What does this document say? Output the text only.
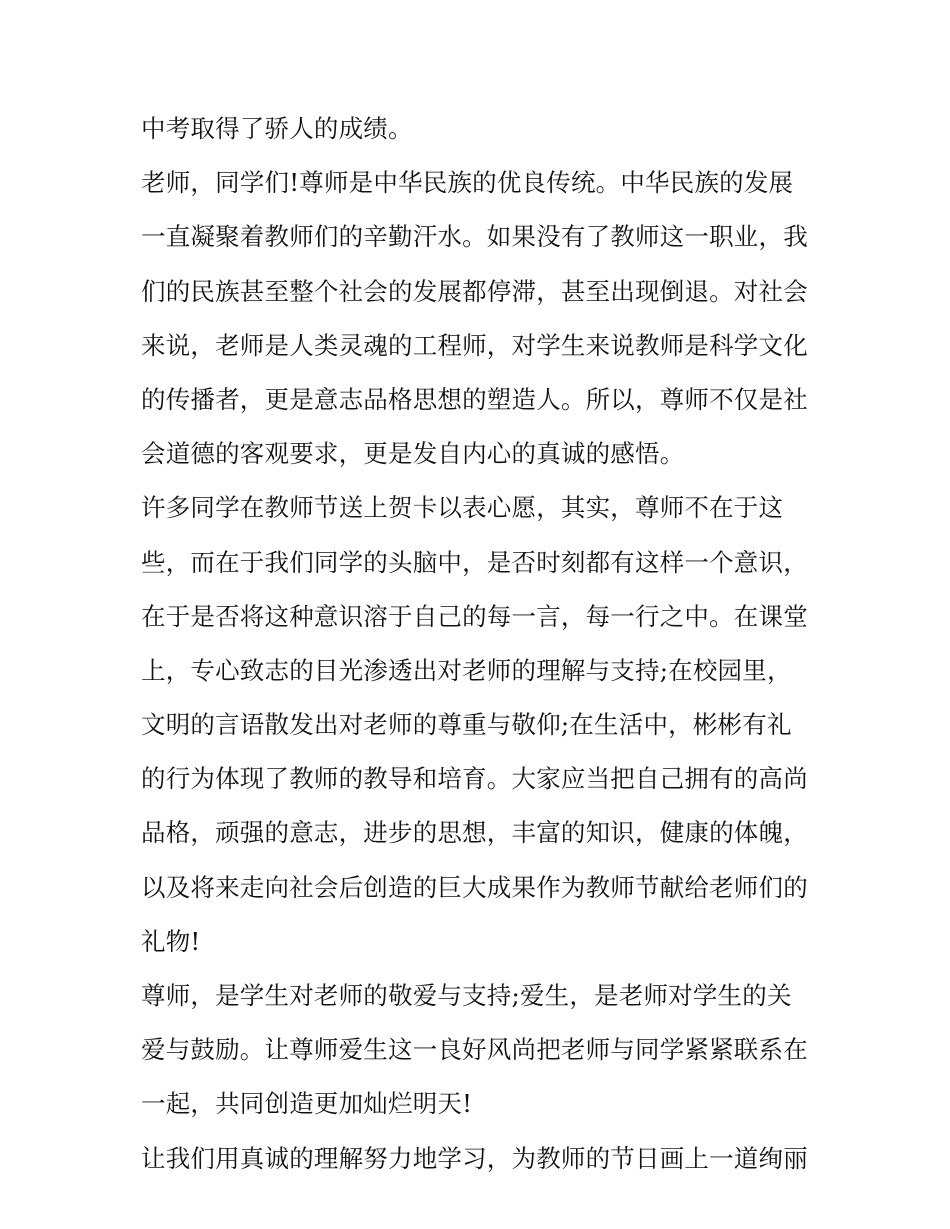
中考取得了骄人的成绩。
老师，同学们!尊师是中华民族的优良传统。中华民族的发展
一直凝聚着教师们的辛勤汗水。如果没有了教师这一职业，我
们的民族甚至整个社会的发展都停滞，甚至出现倒退。对社会
来说，老师是人类灵魂的工程师，对学生来说教师是科学文化
的传播者，更是意志品格思想的塑造人。所以，尊师不仅是社
会道德的客观要求，更是发自内心的真诚的感悟。
许多同学在教师节送上贺卡以表心愿，其实，尊师不在于这
些，而在于我们同学的头脑中，是否时刻都有这样一个意识，
在于是否将这种意识溶于自己的每一言，每一行之中。在课堂
上，专心致志的目光渗透出对老师的理解与支持;在校园里，
文明的言语散发出对老师的尊重与敬仰;在生活中，彬彬有礼
的行为体现了教师的教导和培育。大家应当把自己拥有的高尚
品格，顽强的意志，进步的思想，丰富的知识，健康的体魄，
以及将来走向社会后创造的巨大成果作为教师节献给老师们的
礼物!
尊师，是学生对老师的敬爱与支持;爱生，是老师对学生的关
爱与鼓励。让尊师爱生这一良好风尚把老师与同学紧紧联系在
一起，共同创造更加灿烂明天!
让我们用真诚的理解努力地学习，为教师的节日画上一道绚丽
